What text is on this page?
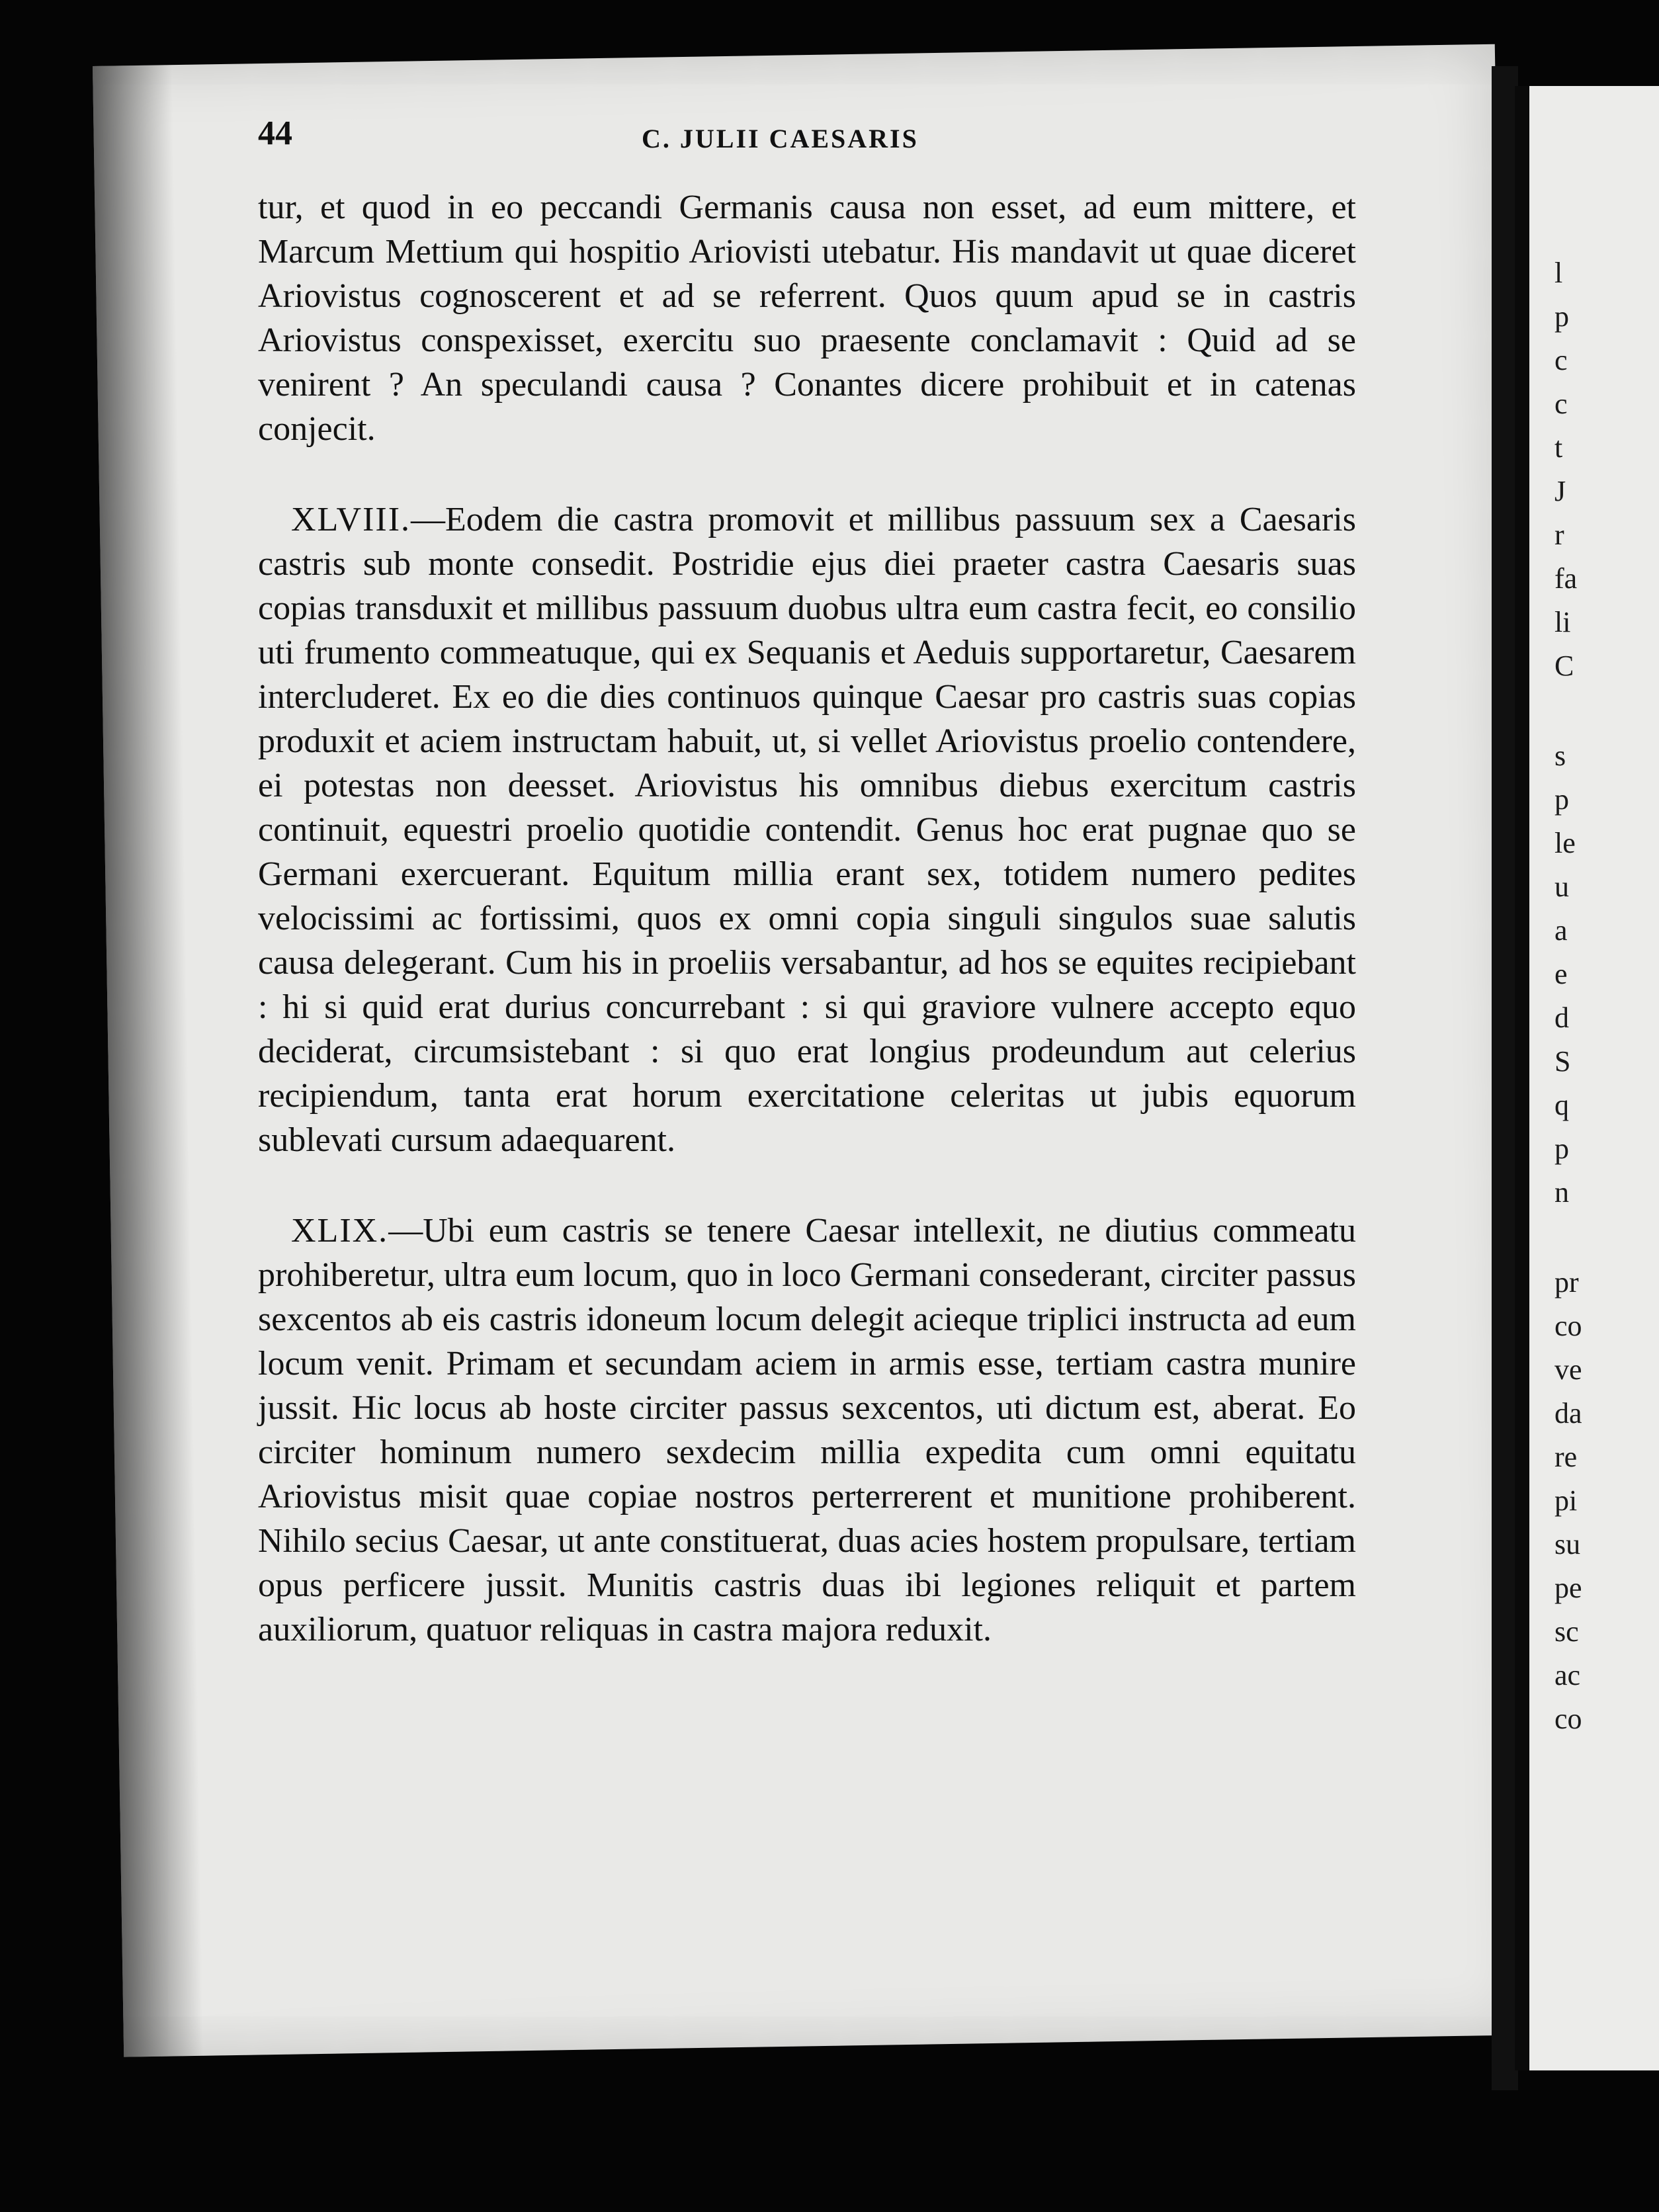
44	C. JULII CAESARIS

tur, et quod in eo peccandi Germanis causa non esset, ad eum mittere, et Marcum Mettium qui hospitio Ariovisti utebatur. His mandavit ut quae diceret Ariovistus cognoscerent et ad se referrent. Quos quum apud se in castris Ariovistus conspexisset, exercitu suo praesente conclamavit : Quid ad se venirent ? An speculandi causa ? Conantes dicere prohibuit et in catenas conjecit.

XLVIII.—Eodem die castra promovit et millibus passuum sex a Caesaris castris sub monte consedit. Postridie ejus diei praeter castra Caesaris suas copias transduxit et millibus passuum duobus ultra eum castra fecit, eo consilio uti frumento commeatuque, qui ex Sequanis et Aeduis supportaretur, Caesarem intercluderet. Ex eo die dies continuos quinque Caesar pro castris suas copias produxit et aciem instructam habuit, ut, si vellet Ariovistus proelio contendere, ei potestas non deesset. Ariovistus his omnibus diebus exercitum castris continuit, equestri proelio quotidie contendit. Genus hoc erat pugnae quo se Germani exercuerant. Equitum millia erant sex, totidem numero pedites velocissimi ac fortissimi, quos ex omni copia singuli singulos suae salutis causa delegerant. Cum his in proeliis versabantur, ad hos se equites recipiebant : hi si quid erat durius concurrebant : si qui graviore vulnere accepto equo deciderat, circumsistebant : si quo erat longius prodeundum aut celerius recipiendum, tanta erat horum exercitatione celeritas ut jubis equorum sublevati cursum adaequarent.

XLIX.—Ubi eum castris se tenere Caesar intellexit, ne diutius commeatu prohiberetur, ultra eum locum, quo in loco Germani consederant, circiter passus sexcentos ab eis castris idoneum locum delegit acieque triplici instructa ad eum locum venit. Primam et secundam aciem in armis esse, tertiam castra munire jussit. Hic locus ab hoste circiter passus sexcentos, uti dictum est, aberat. Eo circiter hominum numero sexdecim millia expedita cum omni equitatu Ariovistus misit quae copiae nostros perterrerent et munitione prohiberent. Nihilo secius Caesar, ut ante constituerat, duas acies hostem propulsare, tertiam opus perficere jussit. Munitis castris duas ibi legiones reliquit et partem auxiliorum, quatuor reliquas in castra majora reduxit.

l
p
c
c
t
J
r
fa
li
C
s
p
le
u
a
e
d
S
q
p
n
pr
co
ve
da
re
pi
su
pe
sc
ac
co
